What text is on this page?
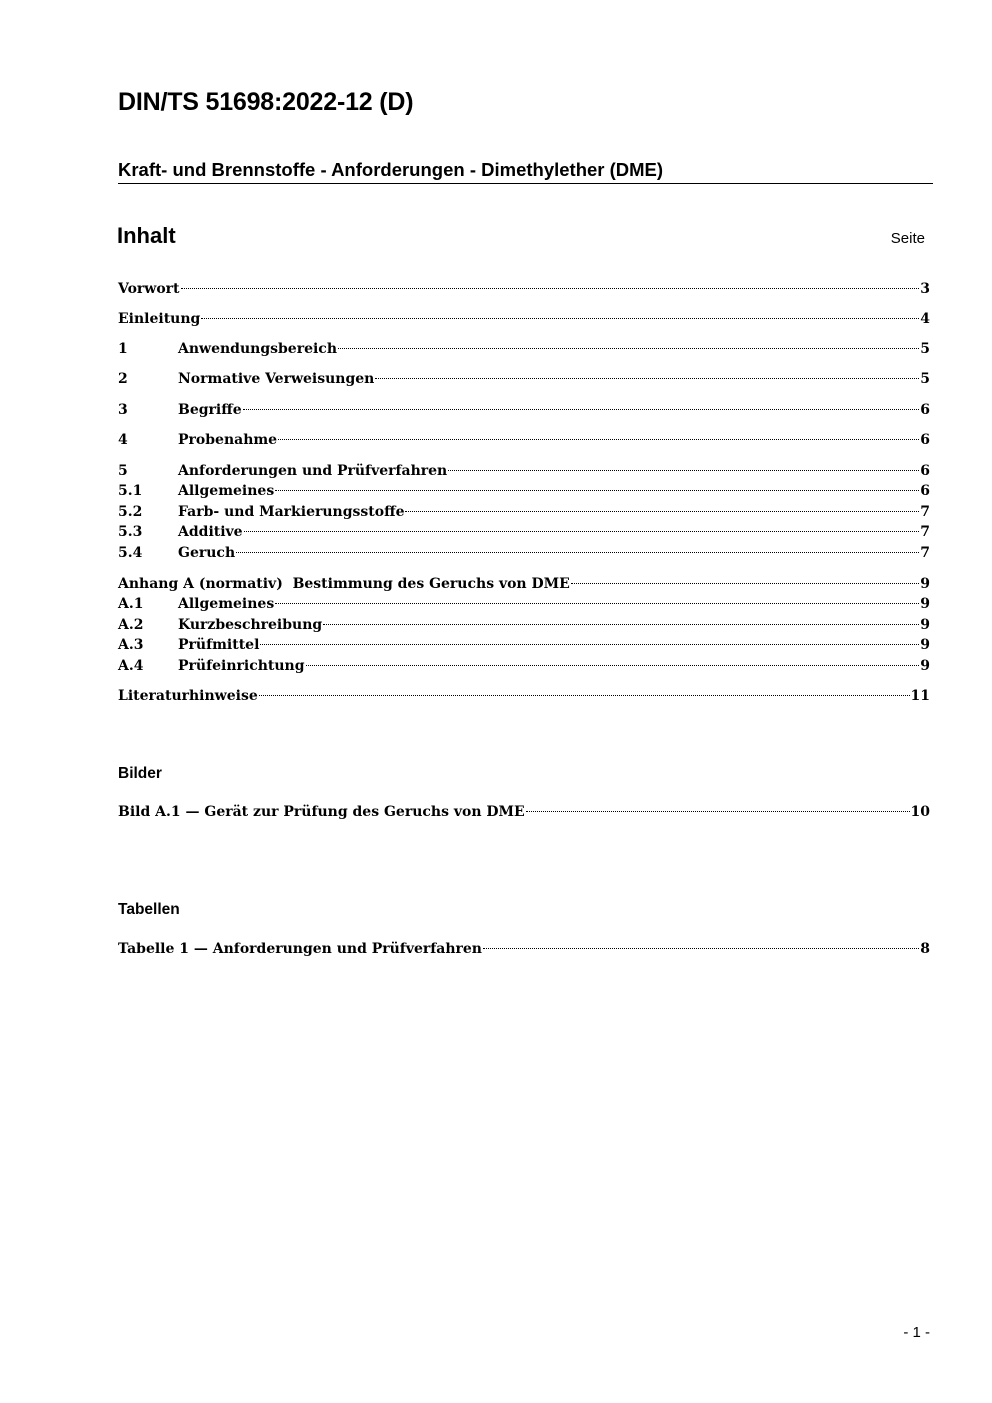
DIN/TS 51698:2022-12 (D)
Kraft- und Brennstoffe - Anforderungen - Dimethylether (DME)
Inhalt	Seite
Vorwort	3
Einleitung	4
1	Anwendungsbereich	5
2	Normative Verweisungen	5
3	Begriffe	6
4	Probenahme	6
5	Anforderungen und Prüfverfahren	6
5.1	Allgemeines	6
5.2	Farb- und Markierungsstoffe	7
5.3	Additive	7
5.4	Geruch	7
Anhang A (normativ)  Bestimmung des Geruchs von DME	9
A.1	Allgemeines	9
A.2	Kurzbeschreibung	9
A.3	Prüfmittel	9
A.4	Prüfeinrichtung	9
Literaturhinweise	11
Bilder
Bild A.1 — Gerät zur Prüfung des Geruchs von DME	10
Tabellen
Tabelle 1 — Anforderungen und Prüfverfahren	8
- 1 -
